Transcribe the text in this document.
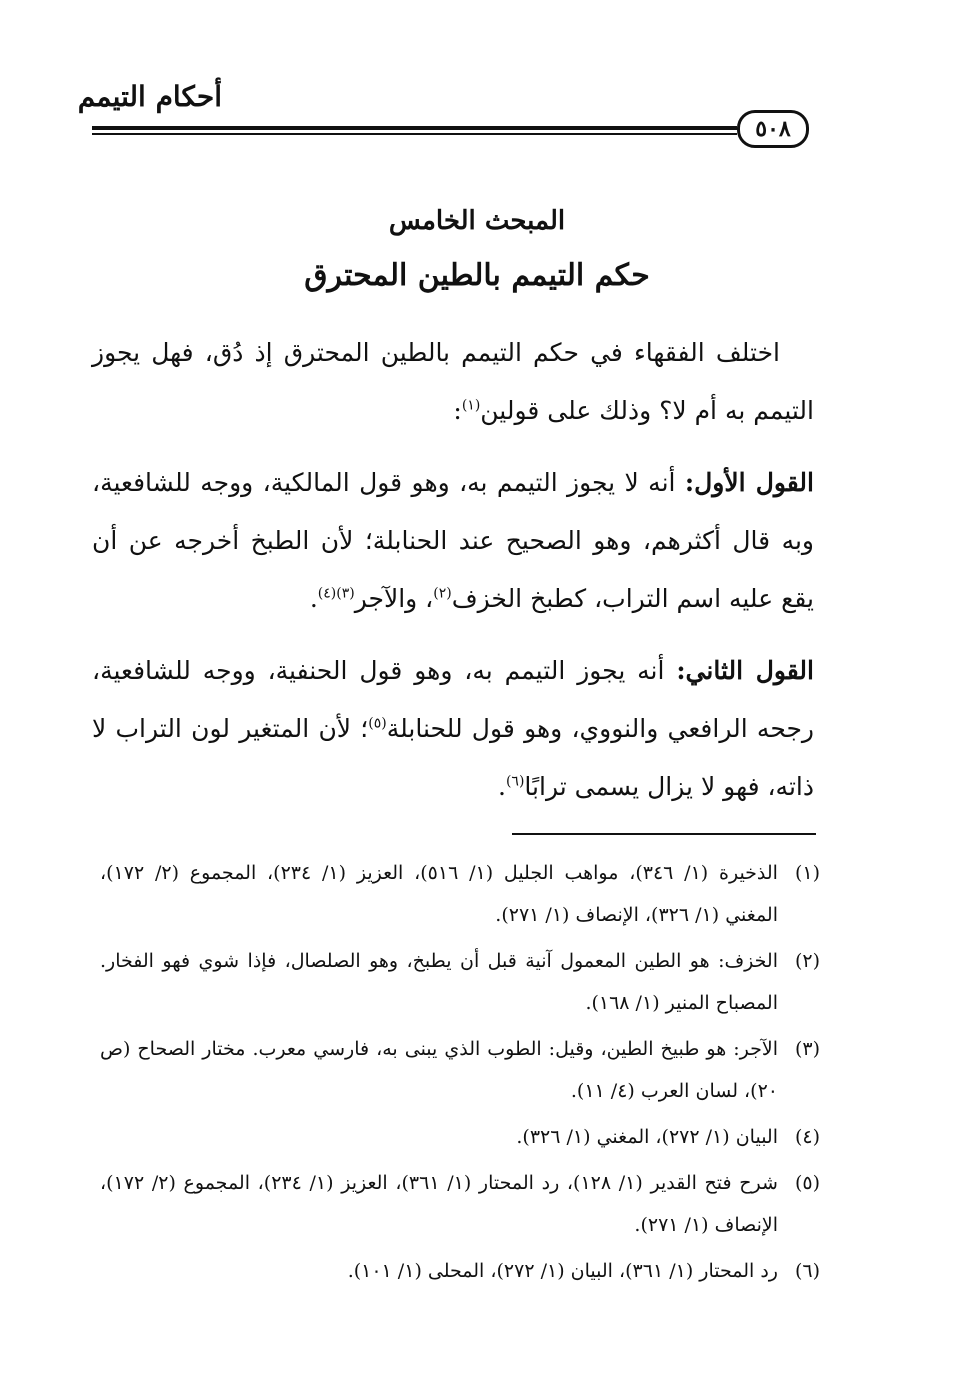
أحكام التيمم
٥٠٨
المبحث الخامس
حكم التيمم بالطين المحترق

اختلف الفقهاء في حكم التيمم بالطين المحترق إذ دُق، فهل يجوز التيمم به أم لا؟ وذلك على قولين$^{(١)}$:

القول الأول: أنه لا يجوز التيمم به، وهو قول المالكية، ووجه للشافعية، وبه قال أكثرهم، وهو الصحيح عند الحنابلة؛ لأن الطبخ أخرجه عن أن يقع عليه اسم التراب، كطبخ الخزف$^{(٢)}$، والآجر$^{(٣)(٤)}$.

القول الثاني: أنه يجوز التيمم به، وهو قول الحنفية، ووجه للشافعية، رجحه الرافعي والنووي، وهو قول للحنابلة$^{(٥)}$؛ لأن المتغير لون التراب لا ذاته، فهو لا يزال يسمى ترابًا$^{(٦)}$.

(١)
الذخيرة (١/ ٣٤٦)، مواهب الجليل (١/ ٥١٦)، العزيز (١/ ٢٣٤)، المجموع (٢/ ١٧٢)، المغني (١/ ٣٢٦)، الإنصاف (١/ ٢٧١).
(٢)
الخزف: هو الطين المعمول آنية قبل أن يطبخ، وهو الصلصال، فإذا شوي فهو الفخار. المصباح المنير (١/ ١٦٨).
(٣)
الآجر: هو طبيخ الطين، وقيل: الطوب الذي يبنى به، فارسي معرب. مختار الصحاح (ص ٢٠)، لسان العرب (٤/ ١١).
(٤)
البيان (١/ ٢٧٢)، المغني (١/ ٣٢٦).
(٥)
شرح فتح القدير (١/ ١٢٨)، رد المحتار (١/ ٣٦١)، العزيز (١/ ٢٣٤)، المجموع (٢/ ١٧٢)، الإنصاف (١/ ٢٧١).
(٦)
رد المحتار (١/ ٣٦١)، البيان (١/ ٢٧٢)، المحلى (١/ ١٠١).
